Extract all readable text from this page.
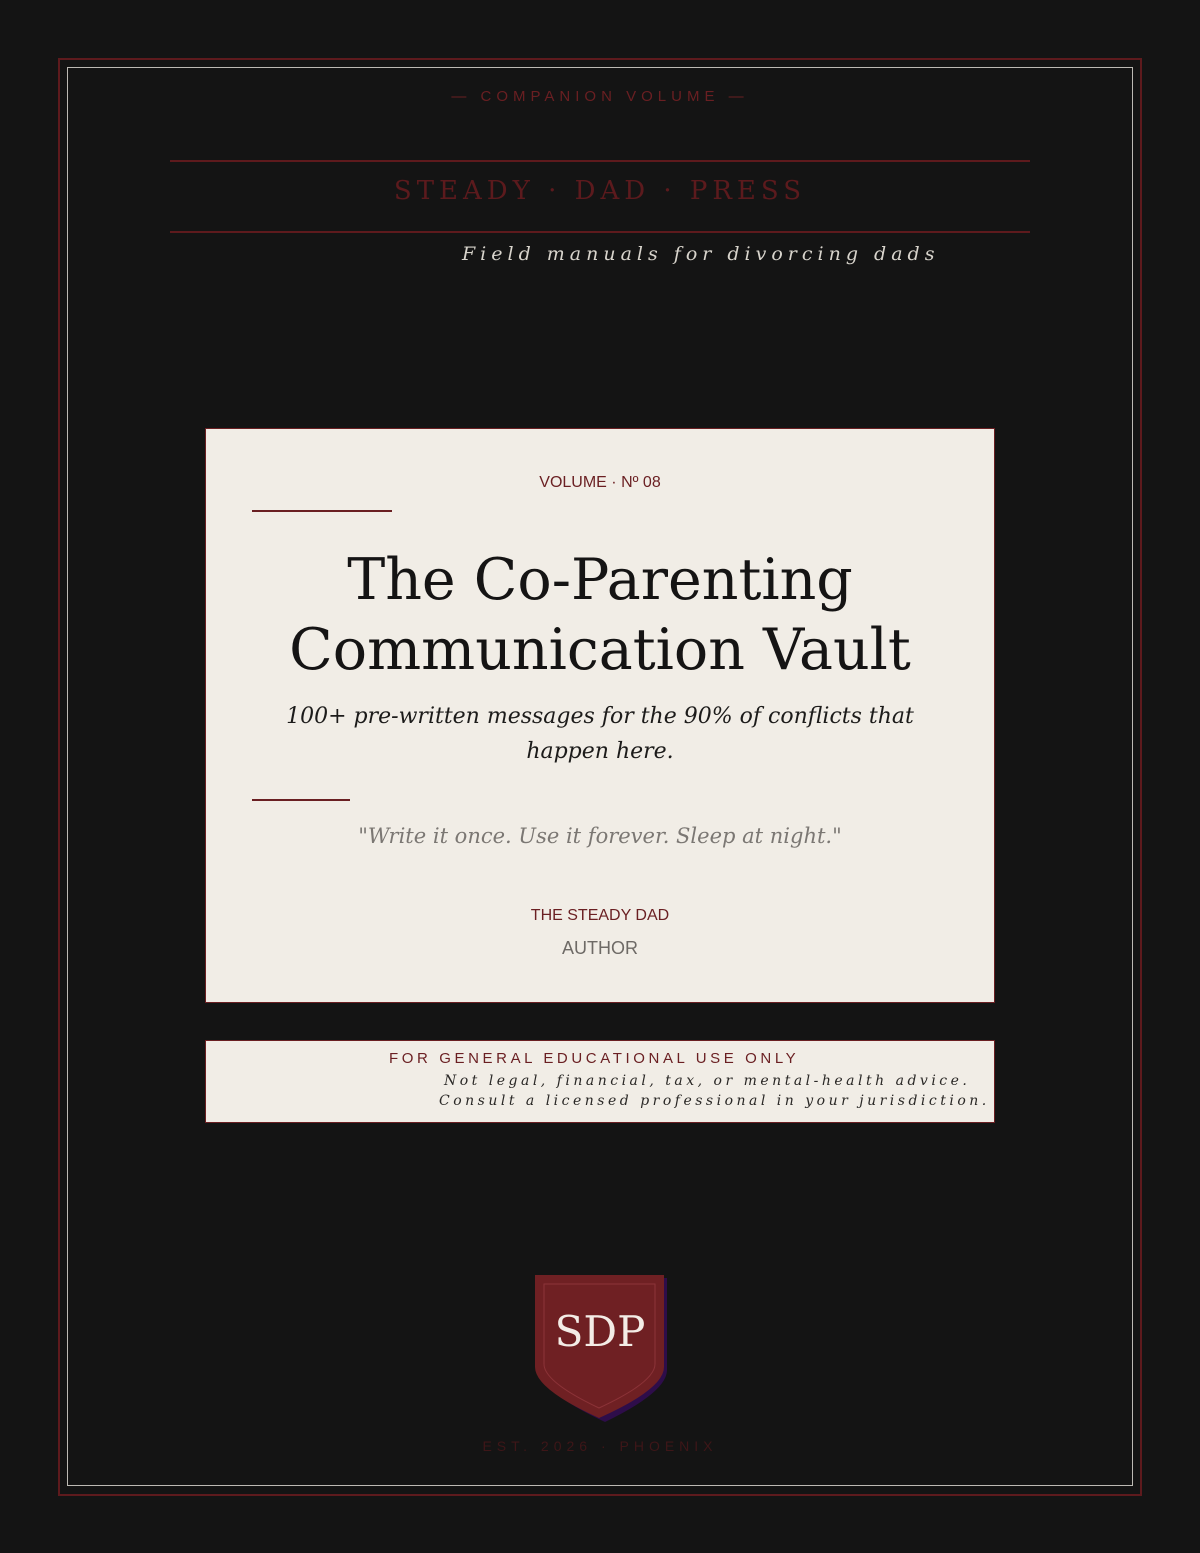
— COMPANION VOLUME —
STEADY · DAD · PRESS
Field manuals for divorcing dads
VOLUME · Nº 08
The Co-Parenting
Communication Vault

100+ pre-written messages for the 90% of conflicts that happen here.

"Write it once. Use it forever. Sleep at night."
THE STEADY DAD
AUTHOR
FOR GENERAL EDUCATIONAL USE ONLY
Not legal, financial, tax, or mental-health advice.
Consult a licensed professional in your jurisdiction.
SDP
EST. 2026 · PHOENIX
